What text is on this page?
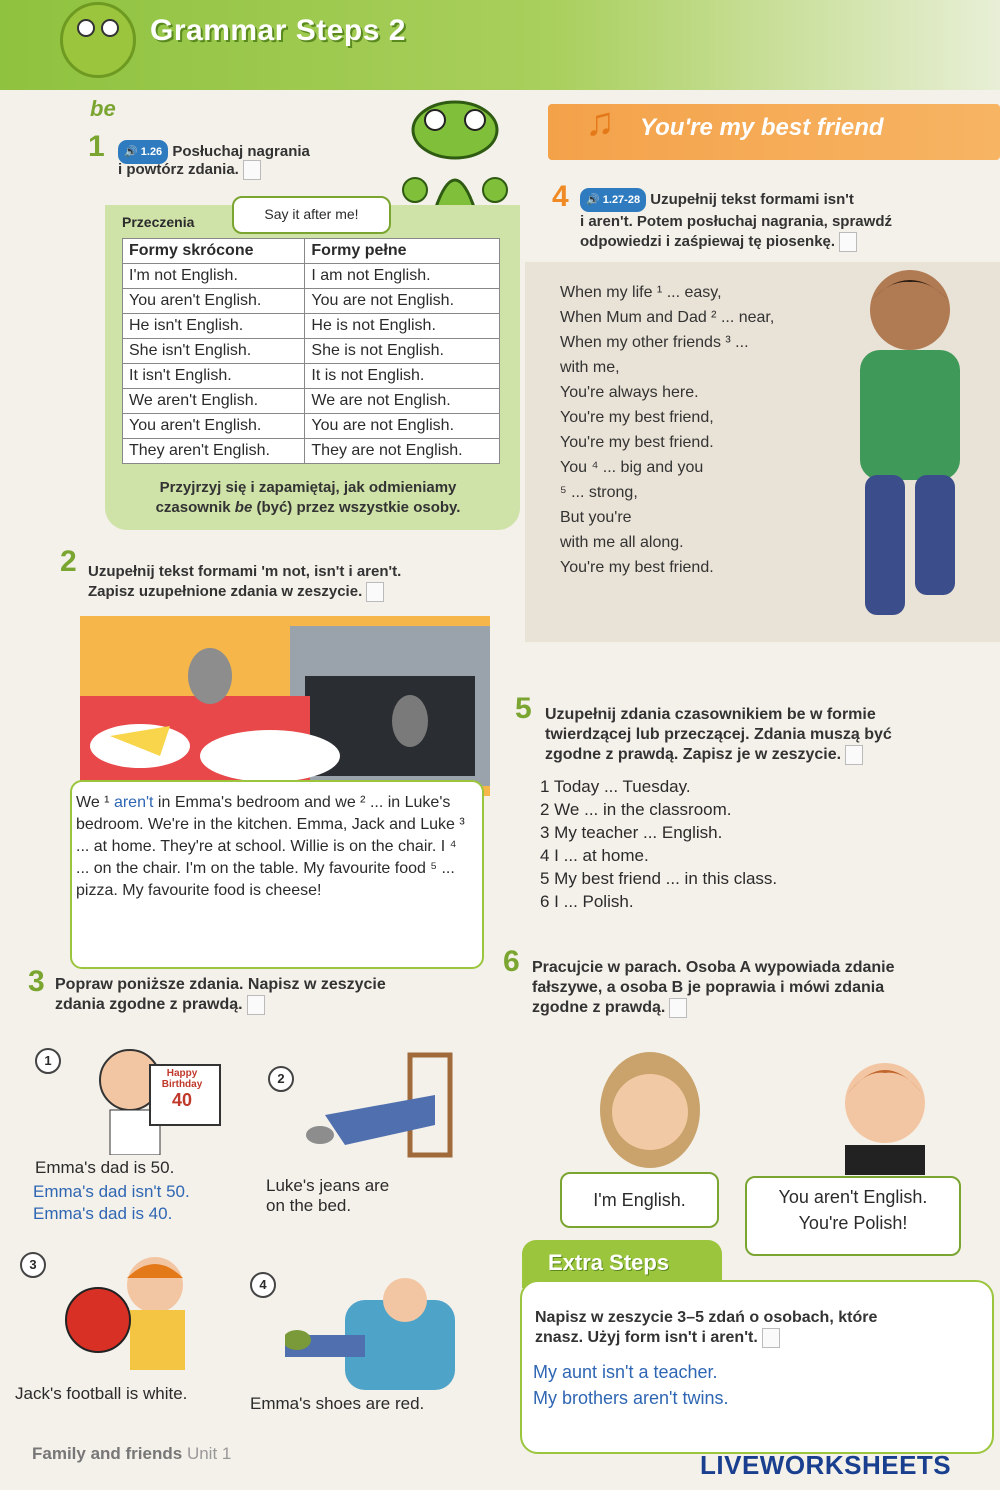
Grammar Steps 2
be
1	🔊 1.26 Posłuchaj nagrania
i powtórz zdania.
Say it after me!
Przeczenia
Formy skrócone	Formy pełne
I'm not English.	I am not English.
You aren't English.	You are not English.
He isn't English.	He is not English.
She isn't English.	She is not English.
It isn't English.	It is not English.
We aren't English.	We are not English.
You aren't English.	You are not English.
They aren't English.	They are not English.
Przyjrzyj się i zapamiętaj, jak odmieniamy
czasownik be (być) przez wszystkie osoby.
♫ You're my best friend
4	🔊 1.27-28 Uzupełnij tekst formami isn't
i aren't. Potem posłuchaj nagrania, sprawdź
odpowiedzi i zaśpiewaj tę piosenkę.
When my life ¹ ... easy,
When Mum and Dad ² ... near,
When my other friends ³ ...
with me,
You're always here.
You're my best friend,
You're my best friend.
You ⁴ ... big and you
⁵ ... strong,
But you're
with me all along.
You're my best friend.
2 Uzupełnij tekst formami 'm not, isn't i aren't.
Zapisz uzupełnione zdania w zeszycie.
We ¹ aren't in Emma's bedroom and we ² ... in Luke's bedroom. We're in the kitchen. Emma, Jack and Luke ³ ... at home. They're at school. Willie is on the chair. I ⁴ ... on the chair. I'm on the table. My favourite food ⁵ ... pizza. My favourite food is cheese!
5 Uzupełnij zdania czasownikiem be w formie
twierdzącej lub przeczącej. Zdania muszą być
zgodne z prawdą. Zapisz je w zeszycie.
1 Today ... Tuesday.
2 We ... in the classroom.
3 My teacher ... English.
4 I ... at home.
5 My best friend ... in this class.
6 I ... Polish.
6 Pracujcie w parach. Osoba A wypowiada zdanie
fałszywe, a osoba B je poprawia i mówi zdania
zgodne z prawdą.
I'm English.	You aren't English.
You're Polish!
3 Popraw poniższe zdania. Napisz w zeszycie
zdania zgodne z prawdą.
1
Happy
Birthday
40
Emma's dad is 50.
Emma's dad isn't 50.
Emma's dad is 40.
2
Luke's jeans are
on the bed.
3
Jack's football is white.
4
Emma's shoes are red.
Extra Steps
Napisz w zeszycie 3–5 zdań o osobach, które
znasz. Użyj form isn't i aren't.
My aunt isn't a teacher.
My brothers aren't twins.
Family and friends Unit 1	LIVEWORKSHEETS
